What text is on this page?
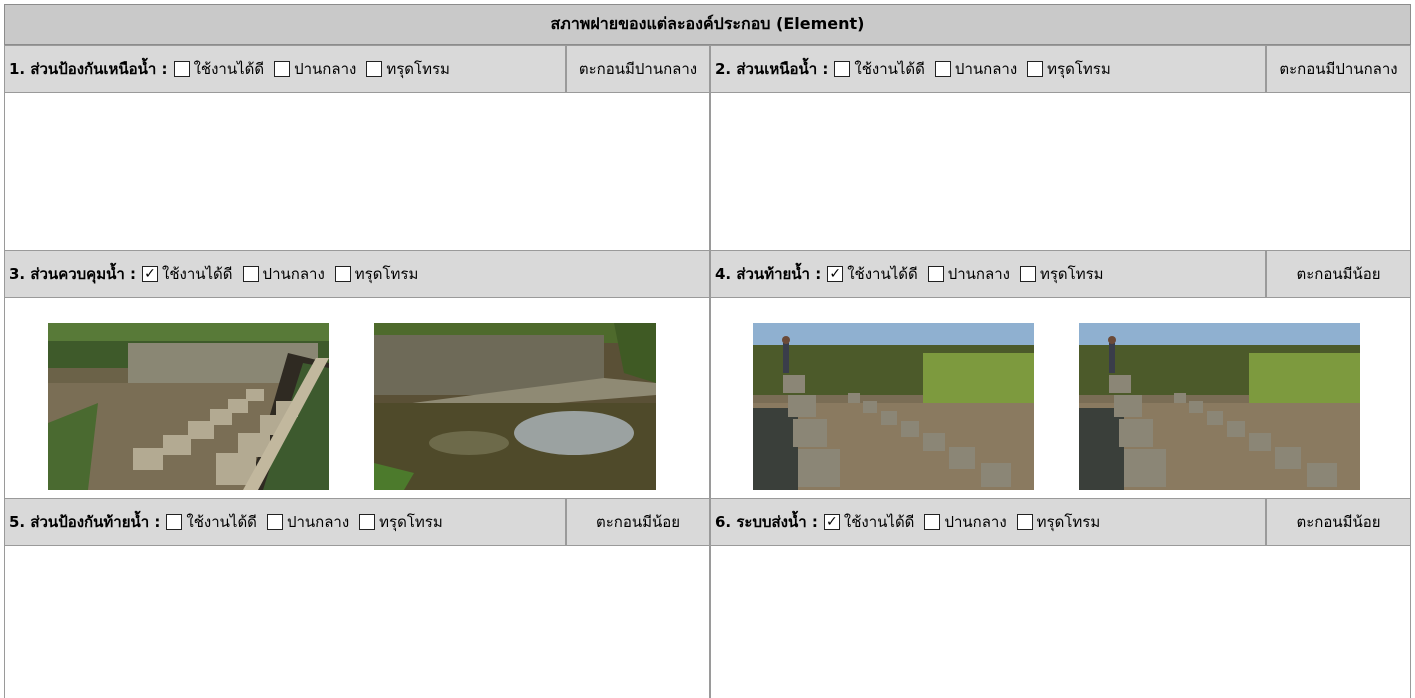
สภาพฝายของแต่ละองค์ประกอบ (Element)
1. ส่วนป้องกันเหนือน้ำ : ใช้งานได้ดี ปานกลาง ทรุดโทรม	ตะกอนมีปานกลาง	2. ส่วนเหนือน้ำ : ใช้งานได้ดี ปานกลาง ทรุดโทรม	ตะกอนมีปานกลาง
3. ส่วนควบคุมน้ำ : ✓ ใช้งานได้ดี ปานกลาง ทรุดโทรม	4. ส่วนท้ายน้ำ : ✓ ใช้งานได้ดี ปานกลาง ทรุดโทรม	ตะกอนมีน้อย
5. ส่วนป้องกันท้ายน้ำ : ใช้งานได้ดี ปานกลาง ทรุดโทรม	ตะกอนมีน้อย	6. ระบบส่งน้ำ : ✓ ใช้งานได้ดี ปานกลาง ทรุดโทรม	ตะกอนมีน้อย
